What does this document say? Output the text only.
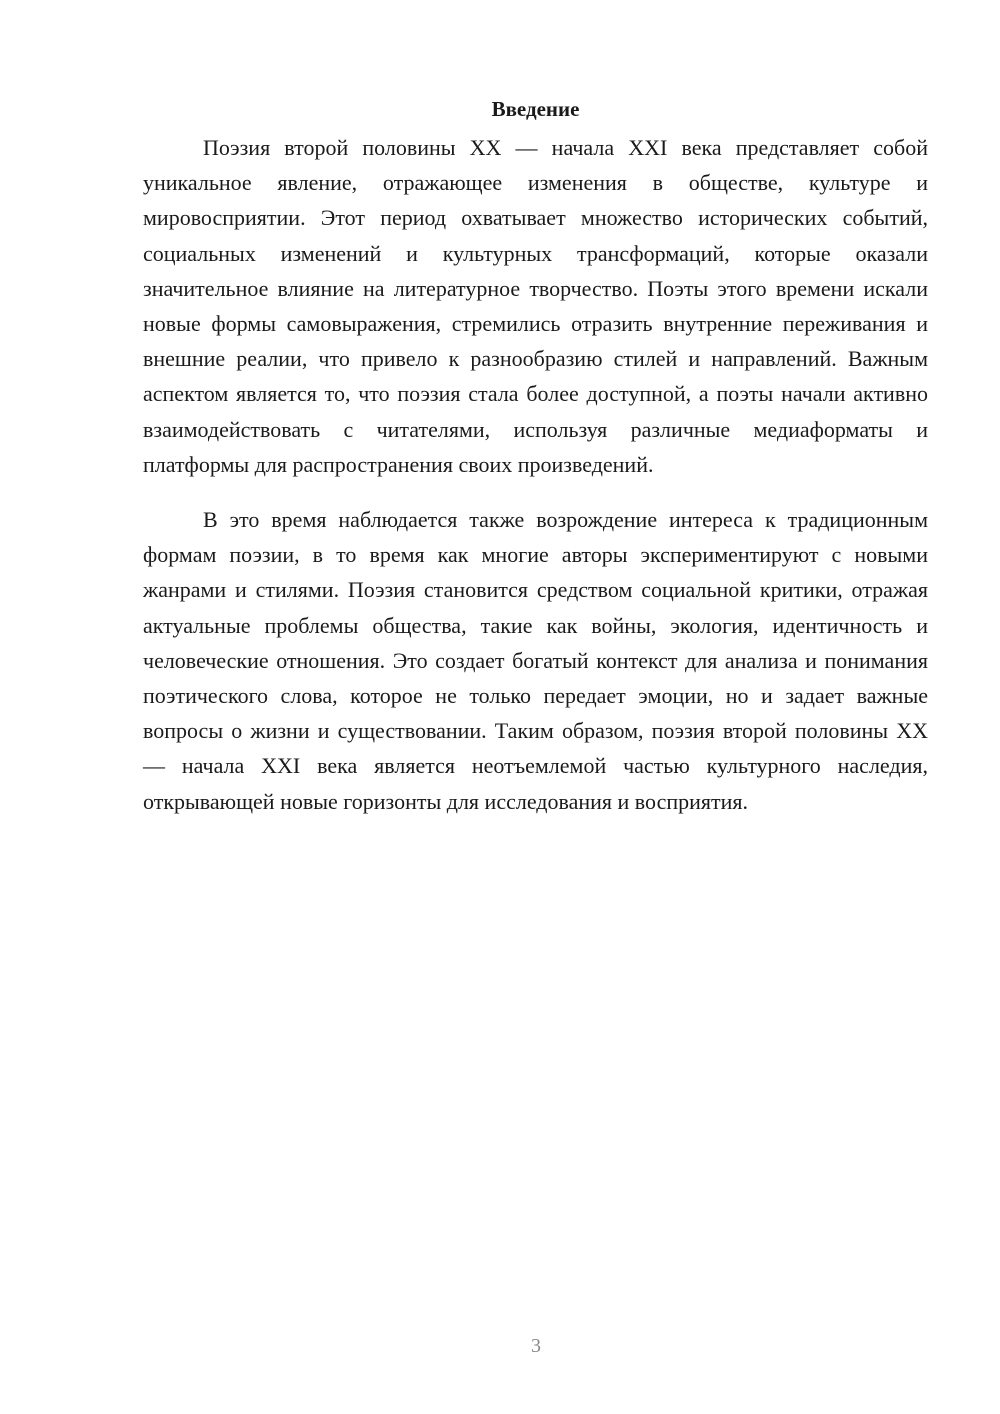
Введение

Поэзия второй половины XX — начала XXI века представляет собой уникальное явление, отражающее изменения в обществе, культуре и мировосприятии. Этот период охватывает множество исторических событий, социальных изменений и культурных трансформаций, которые оказали значительное влияние на литературное творчество. Поэты этого времени искали новые формы самовыражения, стремились отразить внутренние переживания и внешние реалии, что привело к разнообразию стилей и направлений. Важным аспектом является то, что поэзия стала более доступной, а поэты начали активно взаимодействовать с читателями, используя различные медиаформаты и платформы для распространения своих произведений.

В это время наблюдается также возрождение интереса к традиционным формам поэзии, в то время как многие авторы экспериментируют с новыми жанрами и стилями. Поэзия становится средством социальной критики, отражая актуальные проблемы общества, такие как войны, экология, идентичность и человеческие отношения. Это создает богатый контекст для анализа и понимания поэтического слова, которое не только передает эмоции, но и задает важные вопросы о жизни и существовании. Таким образом, поэзия второй половины XX — начала XXI века является неотъемлемой частью культурного наследия, открывающей новые горизонты для исследования и восприятия.

3
